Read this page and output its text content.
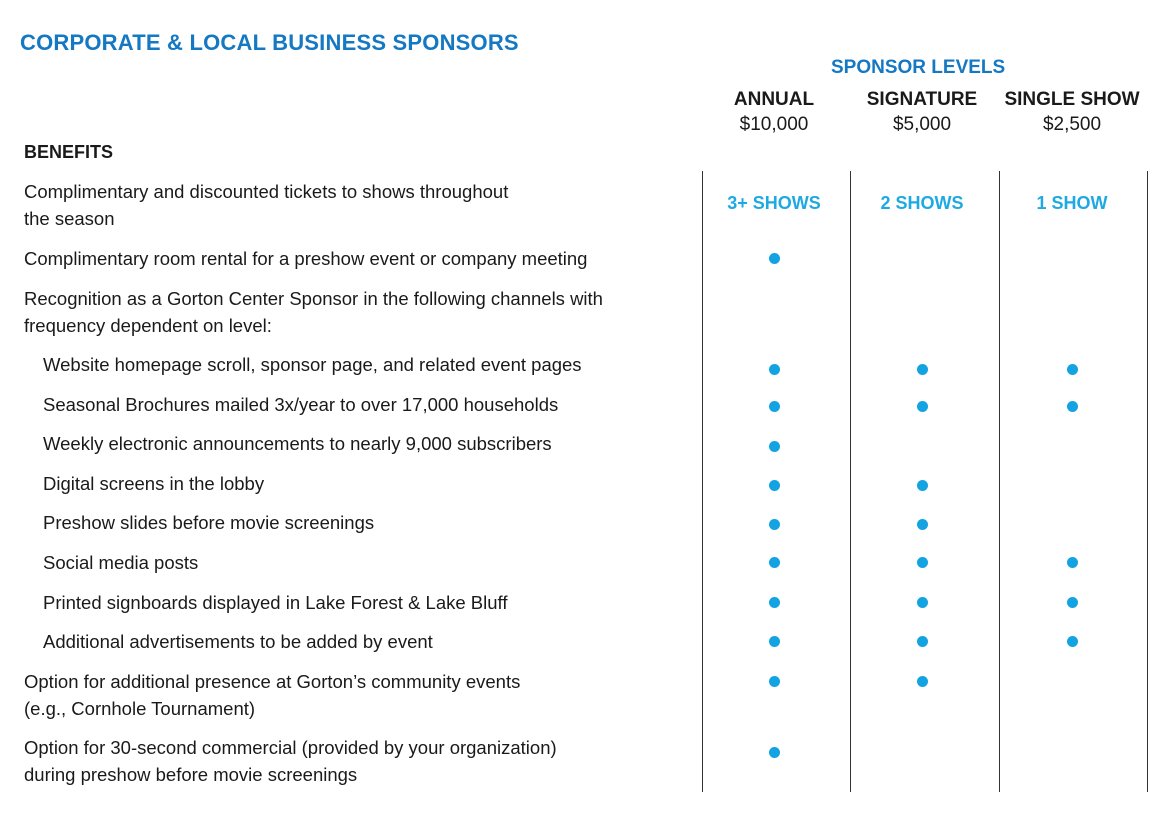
CORPORATE & LOCAL BUSINESS SPONSORS
SPONSOR LEVELS
ANNUAL
$10,000
SIGNATURE
$5,000
SINGLE SHOW
$2,500
BENEFITS
3+ SHOWS	2 SHOWS	1 SHOW
Complimentary and discounted tickets to shows throughout
the season
Complimentary room rental for a preshow event or company meeting
Recognition as a Gorton Center Sponsor in the following channels with
frequency dependent on level:
Website homepage scroll, sponsor page, and related event pages
Seasonal Brochures mailed 3x/year to over 17,000 households
Weekly electronic announcements to nearly 9,000 subscribers
Digital screens in the lobby
Preshow slides before movie screenings
Social media posts
Printed signboards displayed in Lake Forest & Lake Bluff
Additional advertisements to be added by event
Option for additional presence at Gorton’s community events
(e.g., Cornhole Tournament)
Option for 30-second commercial (provided by your organization)
during preshow before movie screenings
